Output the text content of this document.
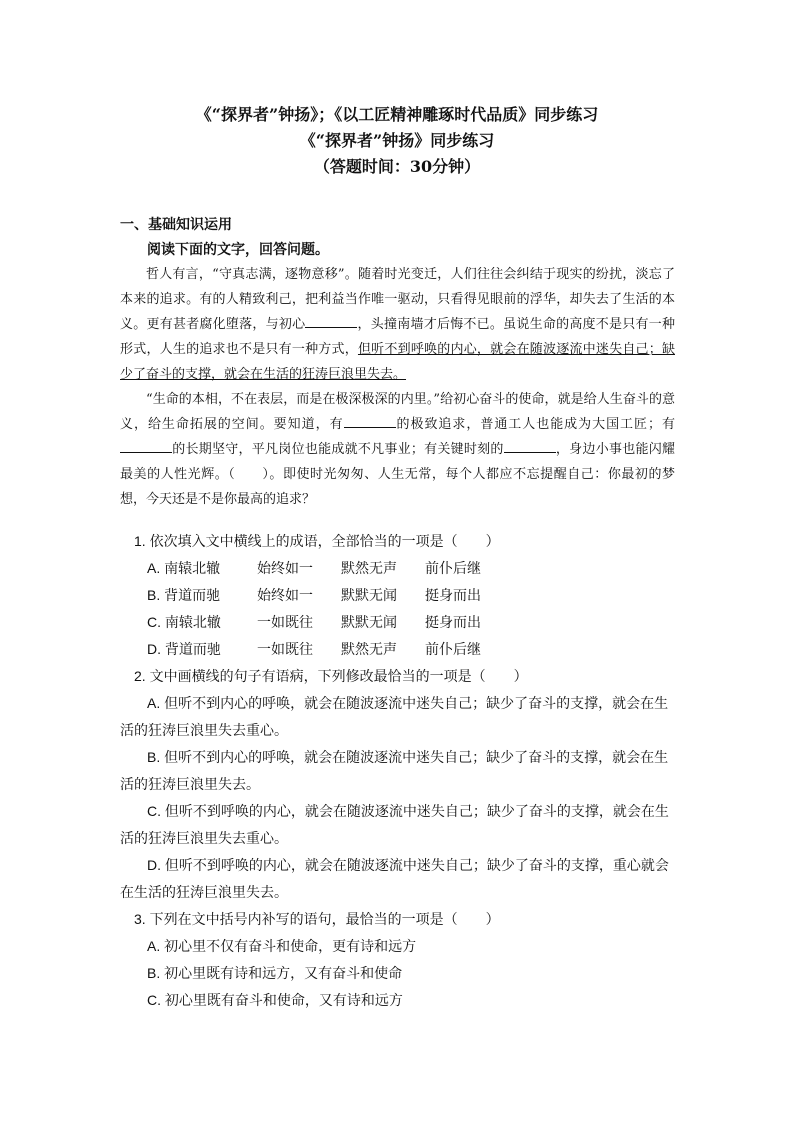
《“探界者”钟扬》；《以工匠精神雕琢时代品质》同步练习
《“探界者”钟扬》同步练习
（答题时间：30分钟）
一、基础知识运用
阅读下面的文字，回答问题。

哲人有言，“守真志满，逐物意移”。随着时光变迁，人们往往会纠结于现实的纷扰，淡忘了本来的追求。有的人精致利己，把利益当作唯一驱动，只看得见眼前的浮华，却失去了生活的本义。更有甚者腐化堕落，与初心	，头撞南墙才后悔不已。虽说生命的高度不是只有一种形式，人生的追求也不是只有一种方式，但听不到呼唤的内心，就会在随波逐流中迷失自己；缺少了奋斗的支撑，就会在生活的狂涛巨浪里失去。

“生命的本相，不在表层，而是在极深极深的内里。”给初心奋斗的使命，就是给人生奋斗的意义，给生命拓展的空间。要知道，有	的极致追求，普通工人也能成为大国工匠；有的长期坚守，平凡岗位也能成就不凡事业；有关键时刻的	，身边小事也能闪耀最美的人性光辉。（　　）。即使时光匆匆、人生无常，每个人都应不忘提醒自己：你最初的梦想，今天还是不是你最高的追求？

1. 依次填入文中横线上的成语，全部恰当的一项是（　　）
A. 南辕北辙	始终如一	默然无声	前仆后继
B. 背道而驰	始终如一	默默无闻	挺身而出
C. 南辕北辙	一如既往	默默无闻	挺身而出
D. 背道而驰	一如既往	默然无声	前仆后继
2. 文中画横线的句子有语病，下列修改最恰当的一项是（　　）
A. 但听不到内心的呼唤，就会在随波逐流中迷失自己；缺少了奋斗的支撑，就会在生活的狂涛巨浪里失去重心。
B. 但听不到内心的呼唤，就会在随波逐流中迷失自己；缺少了奋斗的支撑，就会在生活的狂涛巨浪里失去。
C. 但听不到呼唤的内心，就会在随波逐流中迷失自己；缺少了奋斗的支撑，就会在生活的狂涛巨浪里失去重心。
D. 但听不到呼唤的内心，就会在随波逐流中迷失自己；缺少了奋斗的支撑，重心就会在生活的狂涛巨浪里失去。
3. 下列在文中括号内补写的语句，最恰当的一项是（　　）
A. 初心里不仅有奋斗和使命，更有诗和远方
B. 初心里既有诗和远方，又有奋斗和使命
C. 初心里既有奋斗和使命，又有诗和远方
